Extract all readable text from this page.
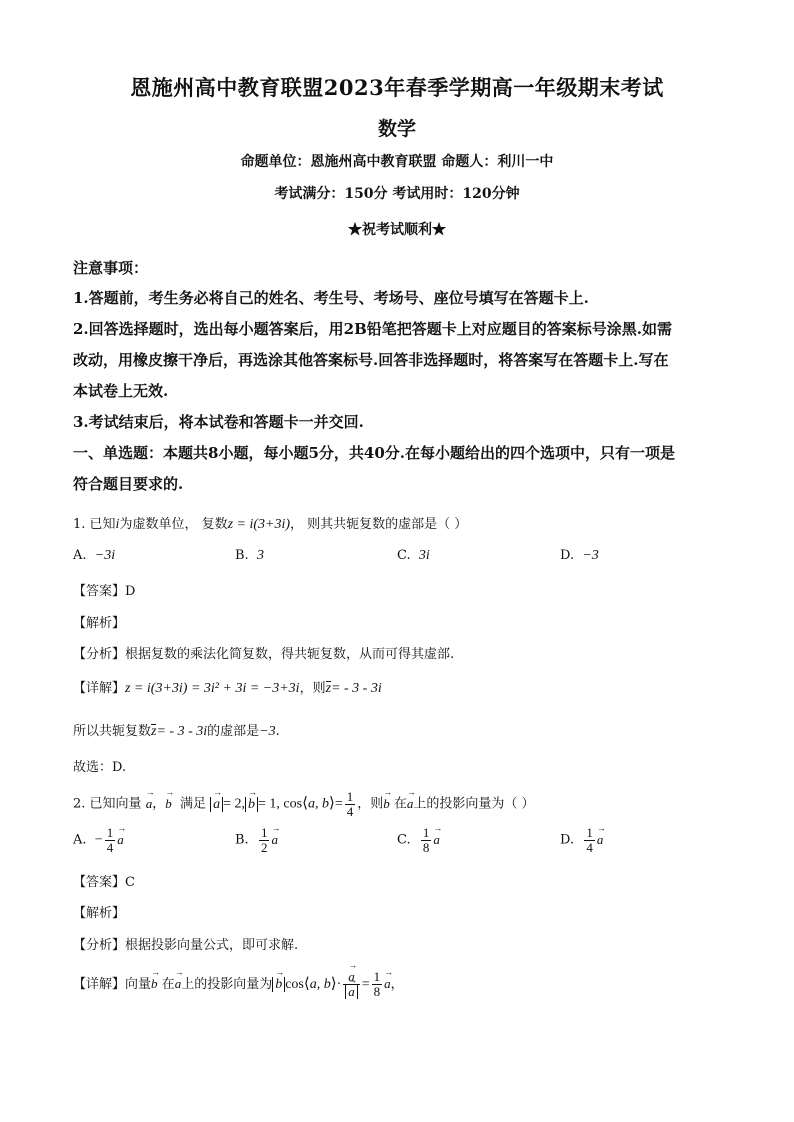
恩施州高中教育联盟2023年春季学期高一年级期末考试
数学
命题单位：恩施州高中教育联盟 命题人：利川一中
考试满分：150分 考试用时：120分钟
★祝考试顺利★
注意事项：
1.答题前，考生务必将自己的姓名、考生号、考场号、座位号填写在答题卡上.
2.回答选择题时，选出每小题答案后，用2B铅笔把答题卡上对应题目的答案标号涂黑.如需
改动，用橡皮擦干净后，再选涂其他答案标号.回答非选择题时，将答案写在答题卡上.写在
本试卷上无效.
3.考试结束后，将本试卷和答题卡一并交回.
一、单选题：本题共8小题，每小题5分，共40分.在每小题给出的四个选项中，只有一项是
符合题目要求的.
1. 已知i为虚数单位， 复数z = i(3+3i)， 则其共轭复数的虚部是（ ）
A. −3i	B. 3	C. 3i	D. −3
【答案】D
【解析】
【分析】根据复数的乘法化简复数，得共轭复数，从而可得其虚部.
【详解】z = i(3+3i) = 3i² + 3i = −3+3i，则z= - 3 - 3i
所以共轭复数z= - 3 - 3i的虚部是−3.
故选：D.
2. 已知向量 → a，→ b 满足 → a = 2,→ b = 1, cos⟨a, b⟩= $\frac{1}{4}$ ，则→ b 在→ a上的投影向量为（ ）
A. − $\frac{1}{4}$
→ a	B. $\frac{1}{2}$
→ a	C. $\frac{1}{8}$
→ a	D. $\frac{1}{4}$
→ a
【答案】C
【解析】
【分析】根据投影向量公式，即可求解.
【详解】向量→ b 在→ a上的投影向量为→ b cos⟨a, b⟩·
→ a
→ $a = \frac{1}{8}$
→ a，
